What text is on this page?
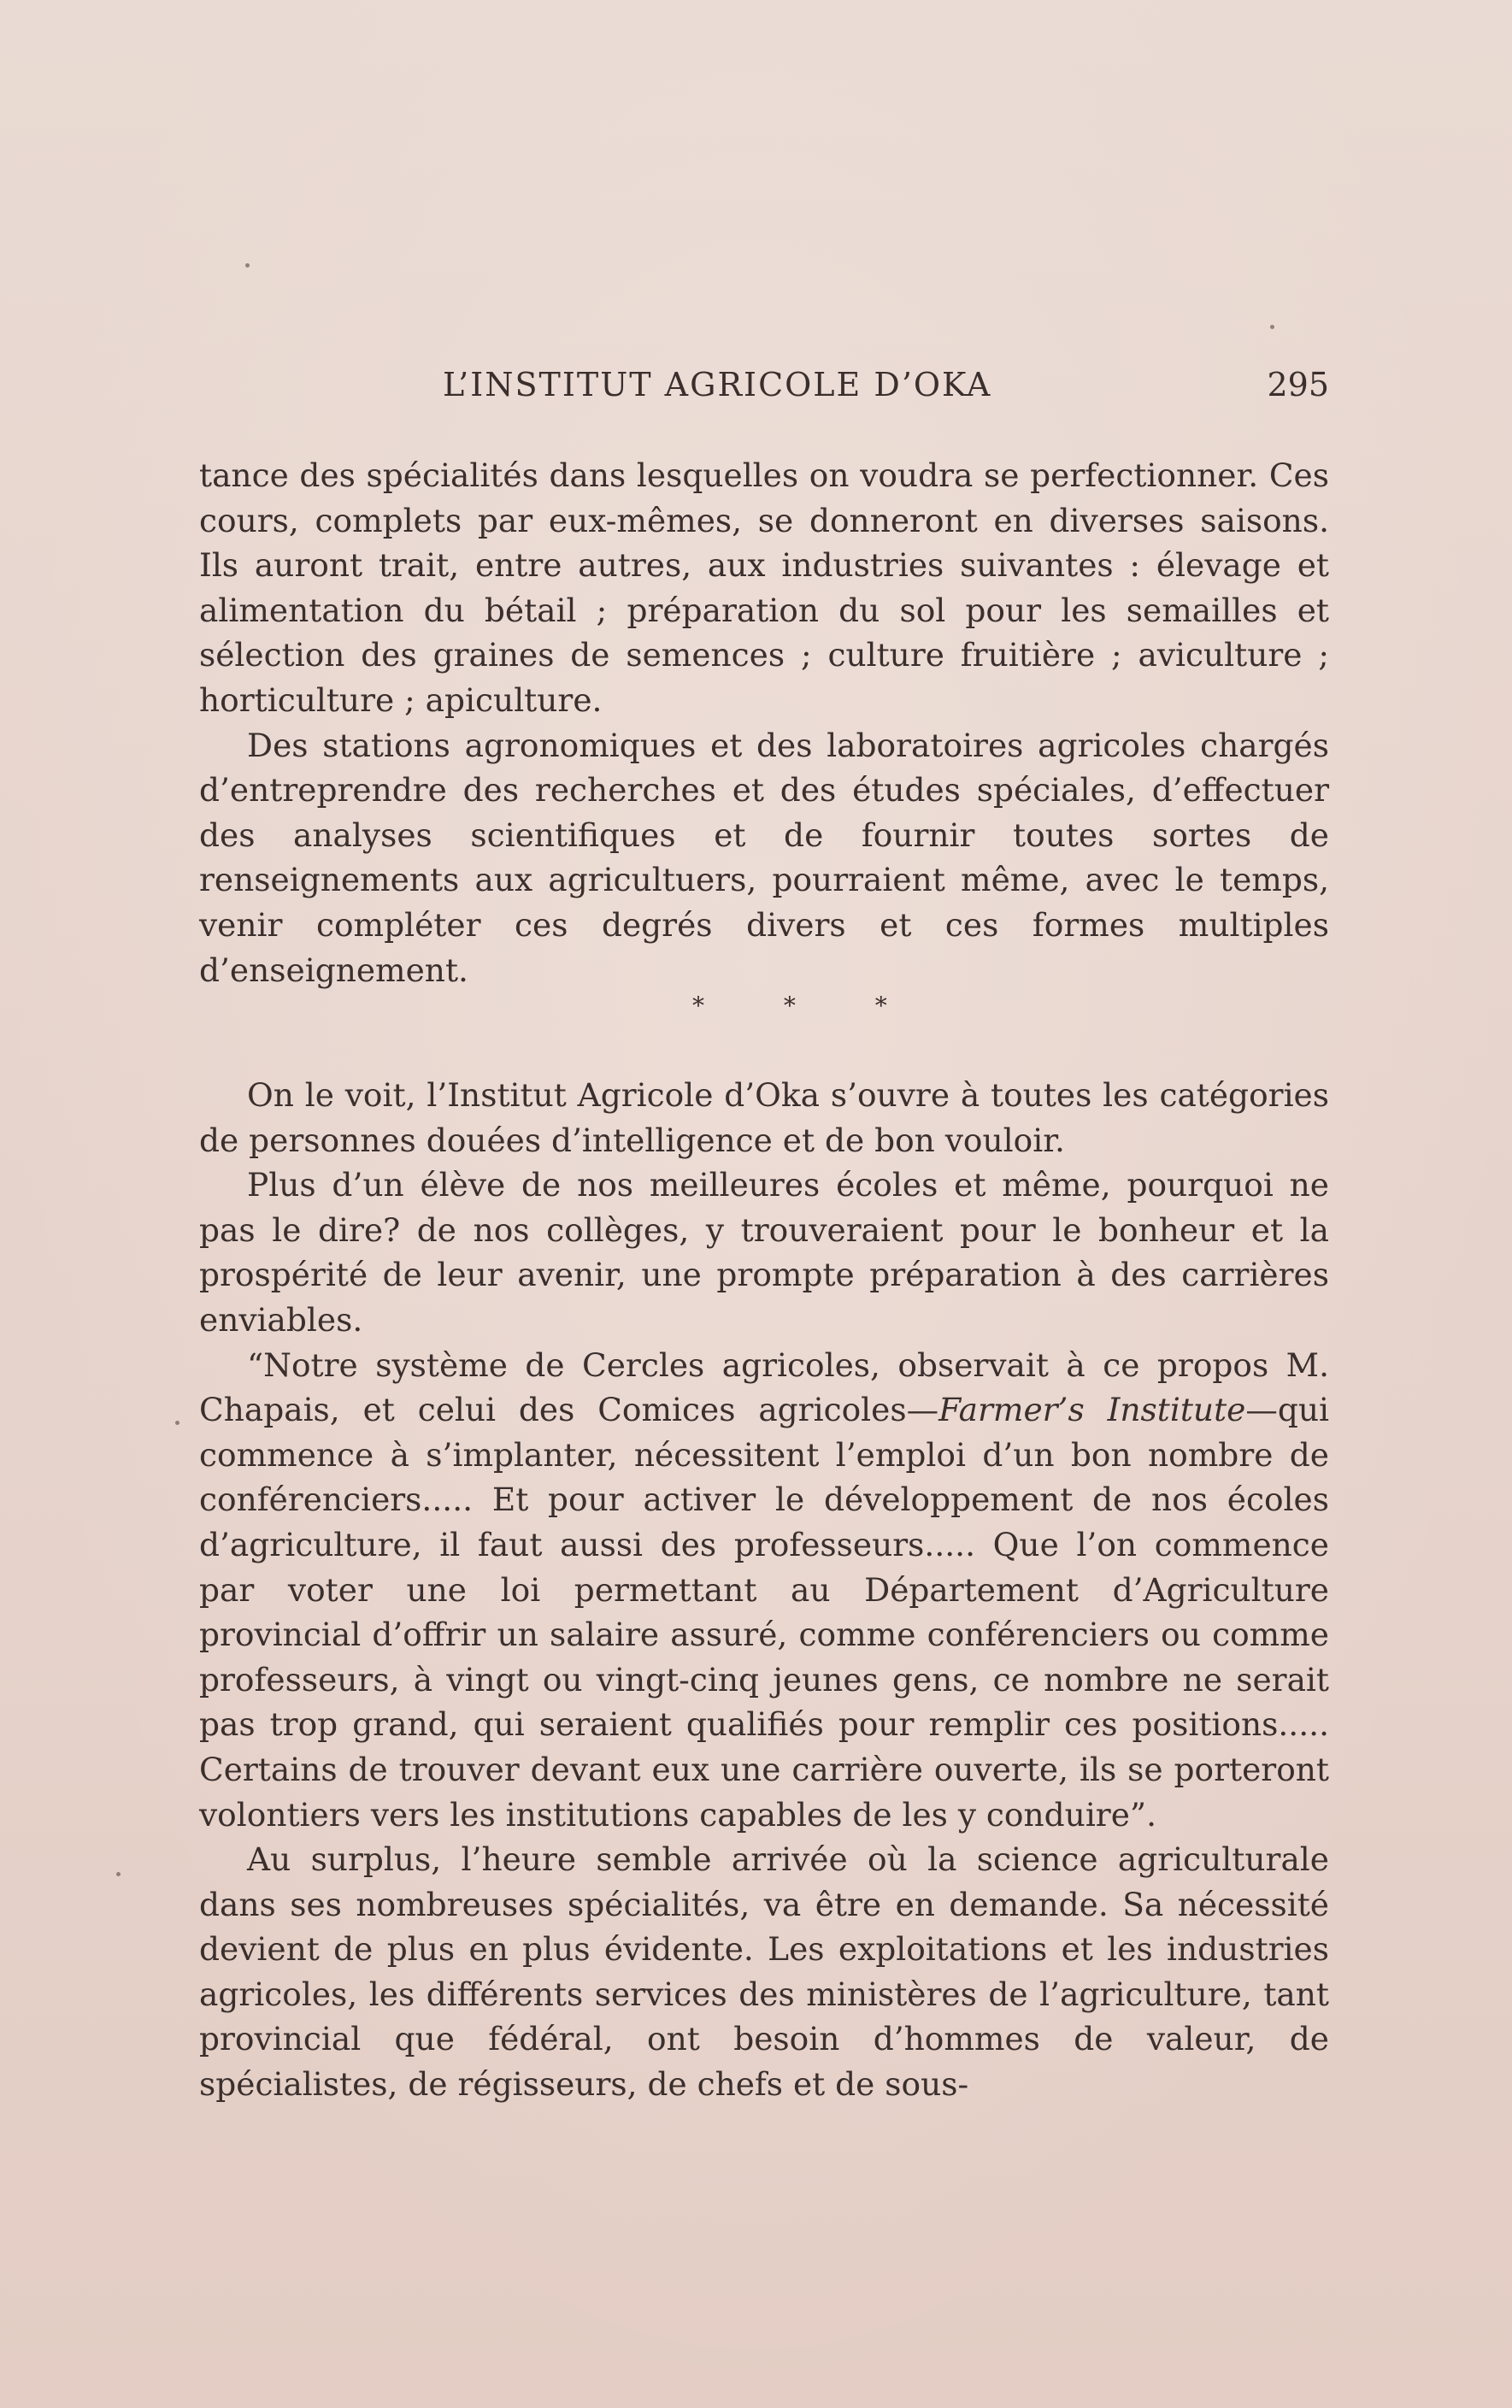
L’INSTITUT AGRICOLE D’OKA	295

tance des spécialités dans lesquelles on voudra se perfectionner. Ces cours, complets par eux-mêmes, se donneront en diverses saisons. Ils auront trait, entre autres, aux industries suivantes : élevage et alimentation du bétail ; préparation du sol pour les semailles et sélection des graines de semences ; culture fruitière ; aviculture ; horticulture ; apiculture.

Des stations agronomiques et des laboratoires agricoles chargés d’entreprendre des recherches et des études spéciales, d’effectuer des analyses scientifiques et de fournir toutes sortes de renseignements aux agricultuers, pourraient même, avec le temps, venir compléter ces degrés divers et ces formes multiples d’enseignement.

* * *

On le voit, l’Institut Agricole d’Oka s’ouvre à toutes les catégories de personnes douées d’intelligence et de bon vouloir.

Plus d’un élève de nos meilleures écoles et même, pourquoi ne pas le dire? de nos collèges, y trouveraient pour le bonheur et la prospérité de leur avenir, une prompte préparation à des carrières enviables.

“Notre système de Cercles agricoles, observait à ce propos M. Chapais, et celui des Comices agricoles—Farmer’s Institute—qui commence à s’implanter, nécessitent l’emploi d’un bon nombre de conférenciers..... Et pour activer le développement de nos écoles d’agriculture, il faut aussi des professeurs..... Que l’on commence par voter une loi permettant au Département d’Agriculture provincial d’offrir un salaire assuré, comme conférenciers ou comme professeurs, à vingt ou vingt-cinq jeunes gens, ce nombre ne serait pas trop grand, qui seraient qualifiés pour remplir ces positions..... Certains de trouver devant eux une carrière ouverte, ils se porteront volontiers vers les institutions capables de les y conduire”.

Au surplus, l’heure semble arrivée où la science agriculturale dans ses nombreuses spécialités, va être en demande. Sa nécessité devient de plus en plus évidente. Les exploitations et les industries agricoles, les différents services des ministères de l’agriculture, tant provincial que fédéral, ont besoin d’hommes de valeur, de spécialistes, de régisseurs, de chefs et de sous-
